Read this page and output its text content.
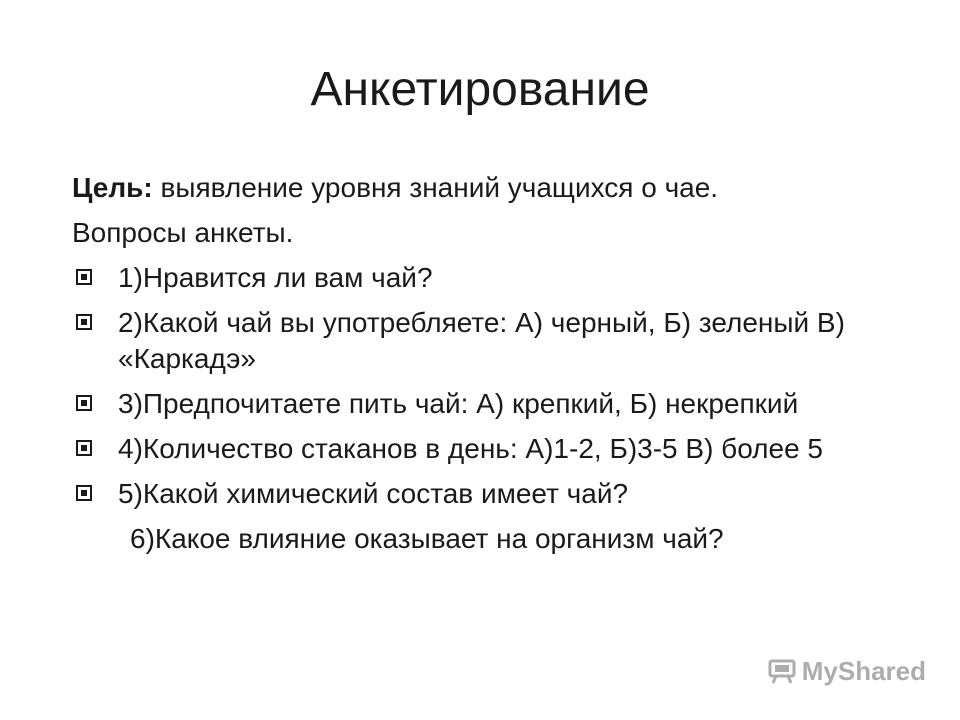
Анкетирование

Цель: выявление уровня знаний учащихся о чае.

Вопросы анкеты.

1)Нравится ли вам чай?
2)Какой чай вы употребляете: А) черный, Б) зеленый В) «Каркадэ»
3)Предпочитаете пить чай: А) крепкий, Б) некрепкий
4)Количество стаканов в день: А)1-2, Б)3-5 В) более 5
5)Какой химический состав имеет чай?

6)Какое влияние оказывает на организм чай?

MyShared
